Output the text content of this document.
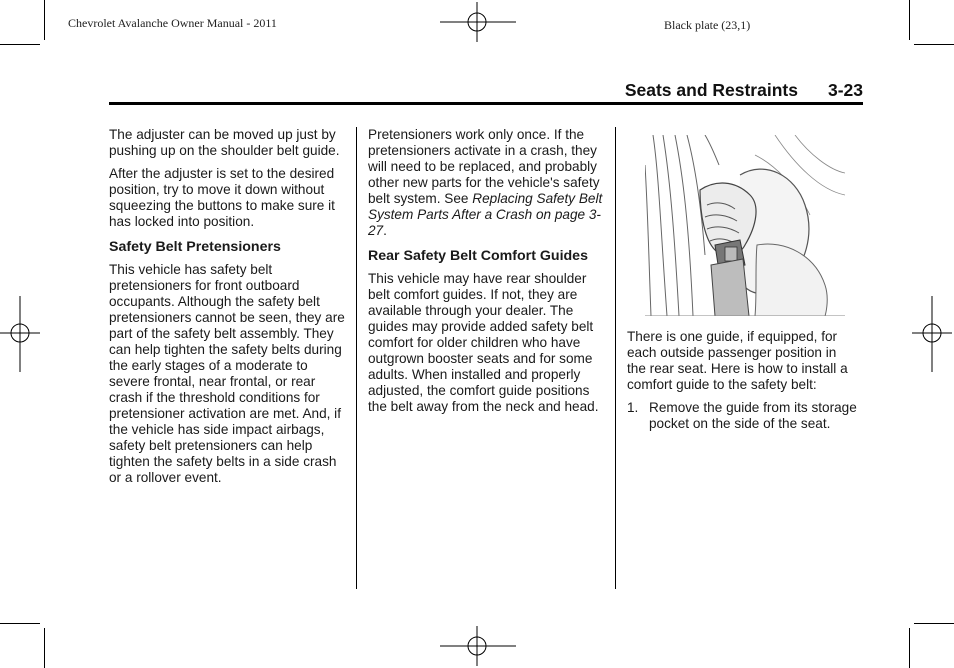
Chevrolet Avalanche Owner Manual - 2011	Black plate (23,1)
Seats and Restraints 3-23

The adjuster can be moved up just by pushing up on the shoulder belt guide.

After the adjuster is set to the desired position, try to move it down without squeezing the buttons to make sure it has locked into position.

Safety Belt Pretensioners

This vehicle has safety belt pretensioners for front outboard occupants. Although the safety belt pretensioners cannot be seen, they are part of the safety belt assembly. They can help tighten the safety belts during the early stages of a moderate to severe frontal, near frontal, or rear crash if the threshold conditions for pretensioner activation are met. And, if the vehicle has side impact airbags, safety belt pretensioners can help tighten the safety belts in a side crash or a rollover event.

Pretensioners work only once. If the pretensioners activate in a crash, they will need to be replaced, and probably other new parts for the vehicle's safety belt system. See Replacing Safety Belt System Parts After a Crash on page 3-27.

Rear Safety Belt Comfort Guides

This vehicle may have rear shoulder belt comfort guides. If not, they are available through your dealer. The guides may provide added safety belt comfort for older children who have outgrown booster seats and for some adults. When installed and properly adjusted, the comfort guide positions the belt away from the neck and head.

There is one guide, if equipped, for each outside passenger position in the rear seat. Here is how to install a comfort guide to the safety belt:

1. Remove the guide from its storage pocket on the side of the seat.
